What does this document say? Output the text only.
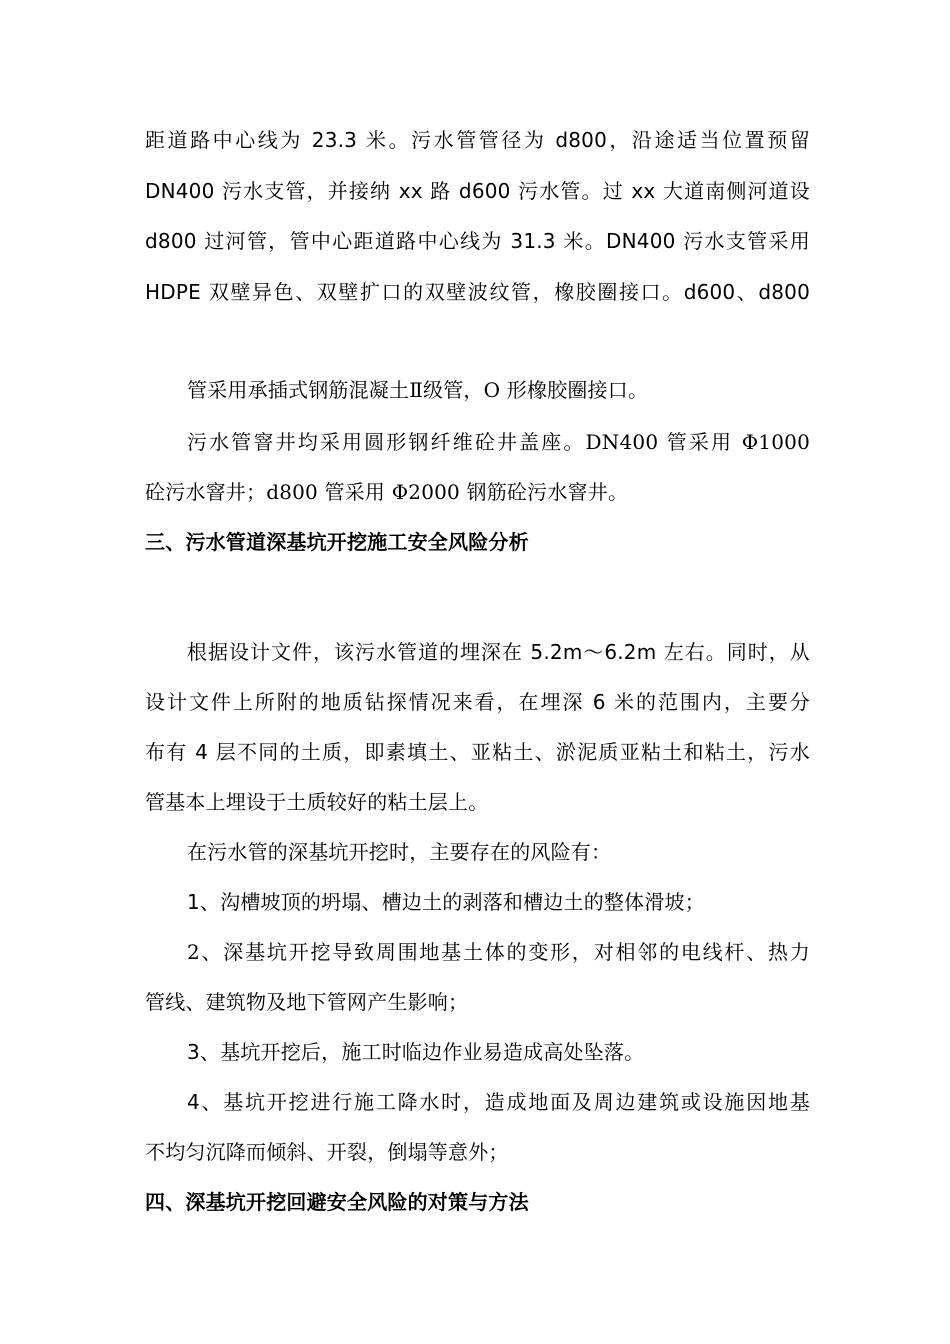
距道路中心线为 23.3 米。污水管管径为 d800，沿途适当位置预留
DN400 污水支管，并接纳 xx 路 d600 污水管。过 xx 大道南侧河道设
d800 过河管，管中心距道路中心线为 31.3 米。DN400 污水支管采用
HDPE 双壁异色、双壁扩口的双壁波纹管，橡胶圈接口。d600、d800
管采用承插式钢筋混凝土Ⅱ级管，O 形橡胶圈接口。
污水管窨井均采用圆形钢纤维砼井盖座。DN400 管采用 Φ1000
砼污水窨井；d800 管采用 Φ2000 钢筋砼污水窨井。
三、污水管道深基坑开挖施工安全风险分析
根据设计文件，该污水管道的埋深在 5.2m～6.2m 左右。同时，从
设计文件上所附的地质钻探情况来看，在埋深 6 米的范围内，主要分
布有 4 层不同的土质，即素填土、亚粘土、淤泥质亚粘土和粘土，污水
管基本上埋设于土质较好的粘土层上。
在污水管的深基坑开挖时，主要存在的风险有：
1、沟槽坡顶的坍塌、槽边土的剥落和槽边土的整体滑坡；
2、深基坑开挖导致周围地基土体的变形，对相邻的电线杆、热力
管线、建筑物及地下管网产生影响；
3、基坑开挖后，施工时临边作业易造成高处坠落。
4、基坑开挖进行施工降水时，造成地面及周边建筑或设施因地基
不均匀沉降而倾斜、开裂，倒塌等意外；
四、深基坑开挖回避安全风险的对策与方法
